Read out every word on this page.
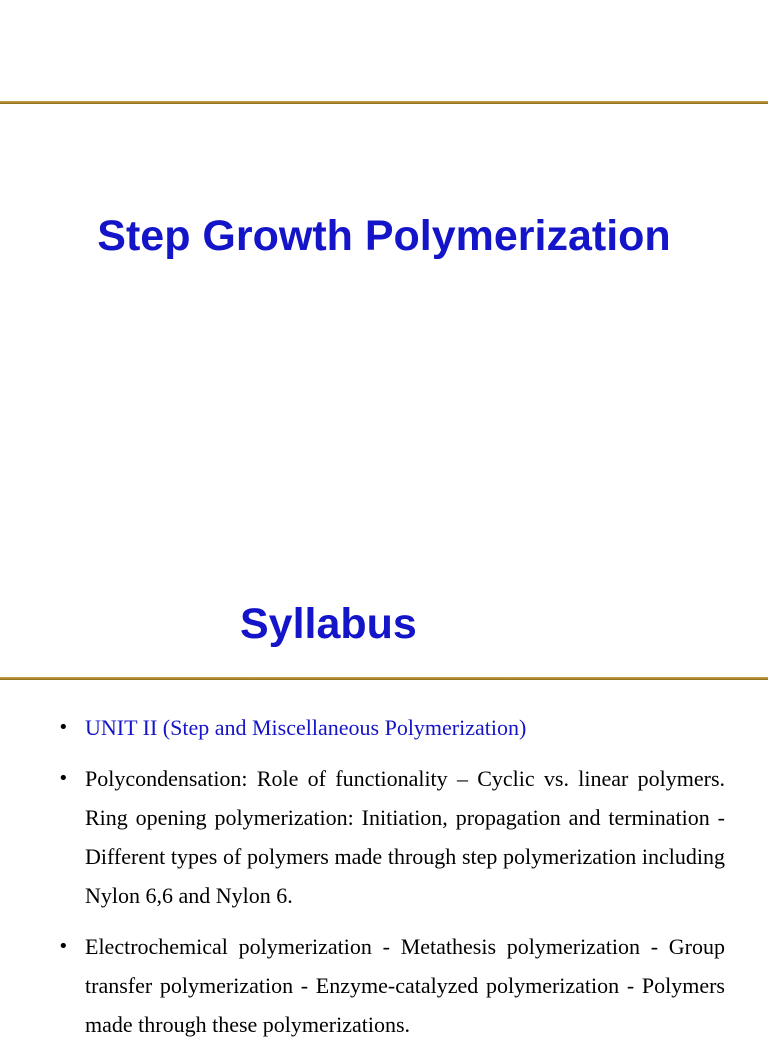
Step Growth Polymerization
Syllabus
• UNIT II (Step and Miscellaneous Polymerization)
• Polycondensation: Role of functionality – Cyclic vs. linear polymers. Ring opening polymerization: Initiation, propagation and termination - Different types of polymers made through step polymerization including Nylon 6,6 and Nylon 6.
• Electrochemical polymerization - Metathesis polymerization - Group transfer polymerization - Enzyme-catalyzed polymerization - Polymers made through these polymerizations.
